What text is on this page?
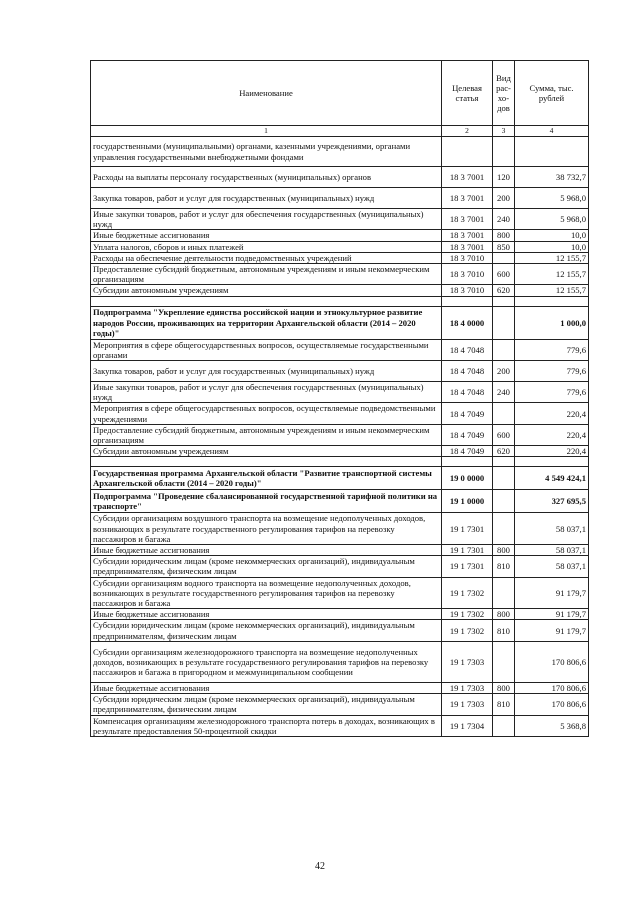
Наименование	Целевая статья	Вид рас-хо-дов	Сумма, тыс. рублей
1	2	3	4
государственными (муниципальными) органами, казенными учреждениями, органами управления государственными внебюджетными фондами			
Расходы на выплаты персоналу государственных (муниципальных) органов	18 3 7001	120	38 732,7
Закупка товаров, работ и услуг для государственных (муниципальных) нужд	18 3 7001	200	5 968,0
Иные закупки товаров, работ и услуг для обеспечения государственных (муниципальных) нужд	18 3 7001	240	5 968,0
Иные бюджетные ассигнования	18 3 7001	800	10,0
Уплата налогов, сборов и иных платежей	18 3 7001	850	10,0
Расходы на обеспечение деятельности подведомственных учреждений	18 3 7010		12 155,7
Предоставление субсидий бюджетным, автономным учреждениям и иным некоммерческим организациям	18 3 7010	600	12 155,7
Субсидии автономным учреждениям	18 3 7010	620	12 155,7

Подпрограмма "Укрепление единства российской нации и этнокультурное развитие народов России, проживающих на территории Архангельской области (2014 – 2020 годы)"	18 4 0000		1 000,0
Мероприятия в сфере общегосударственных вопросов, осуществляемые государственными органами	18 4 7048		779,6
Закупка товаров, работ и услуг для государственных (муниципальных) нужд	18 4 7048	200	779,6
Иные закупки товаров, работ и услуг для обеспечения государственных (муниципальных) нужд	18 4 7048	240	779,6
Мероприятия в сфере общегосударственных вопросов, осуществляемые подведомственными учреждениями	18 4 7049		220,4
Предоставление субсидий бюджетным, автономным учреждениям и иным некоммерческим организациям	18 4 7049	600	220,4
Субсидии автономным учреждениям	18 4 7049	620	220,4

Государственная программа Архангельской области "Развитие транспортной системы Архангельской области (2014 – 2020 годы)"	19 0 0000		4 549 424,1
Подпрограмма "Проведение сбалансированной государственной тарифной политики на транспорте"	19 1 0000		327 695,5
Субсидии организациям воздушного транспорта на возмещение недополученных доходов, возникающих в результате государственного регулирования тарифов на перевозку пассажиров и багажа	19 1 7301		58 037,1
Иные бюджетные ассигнования	19 1 7301	800	58 037,1
Субсидии юридическим лицам (кроме некоммерческих организаций), индивидуальным предпринимателям, физическим лицам	19 1 7301	810	58 037,1
Субсидии организациям водного транспорта на возмещение недополученных доходов, возникающих в результате государственного регулирования тарифов на перевозку пассажиров и багажа	19 1 7302		91 179,7
Иные бюджетные ассигнования	19 1 7302	800	91 179,7
Субсидии юридическим лицам (кроме некоммерческих организаций), индивидуальным предпринимателям, физическим лицам	19 1 7302	810	91 179,7
Субсидии организациям железнодорожного транспорта на возмещение недополученных доходов, возникающих в результате государственного регулирования тарифов на перевозку пассажиров и багажа в пригородном и межмуниципальном сообщении	19 1 7303		170 806,6
Иные бюджетные ассигнования	19 1 7303	800	170 806,6
Субсидии юридическим лицам (кроме некоммерческих организаций), индивидуальным предпринимателям, физическим лицам	19 1 7303	810	170 806,6
Компенсация организациям железнодорожного транспорта потерь в доходах, возникающих в результате предоставления 50-процентной скидки	19 1 7304		5 368,8
42
